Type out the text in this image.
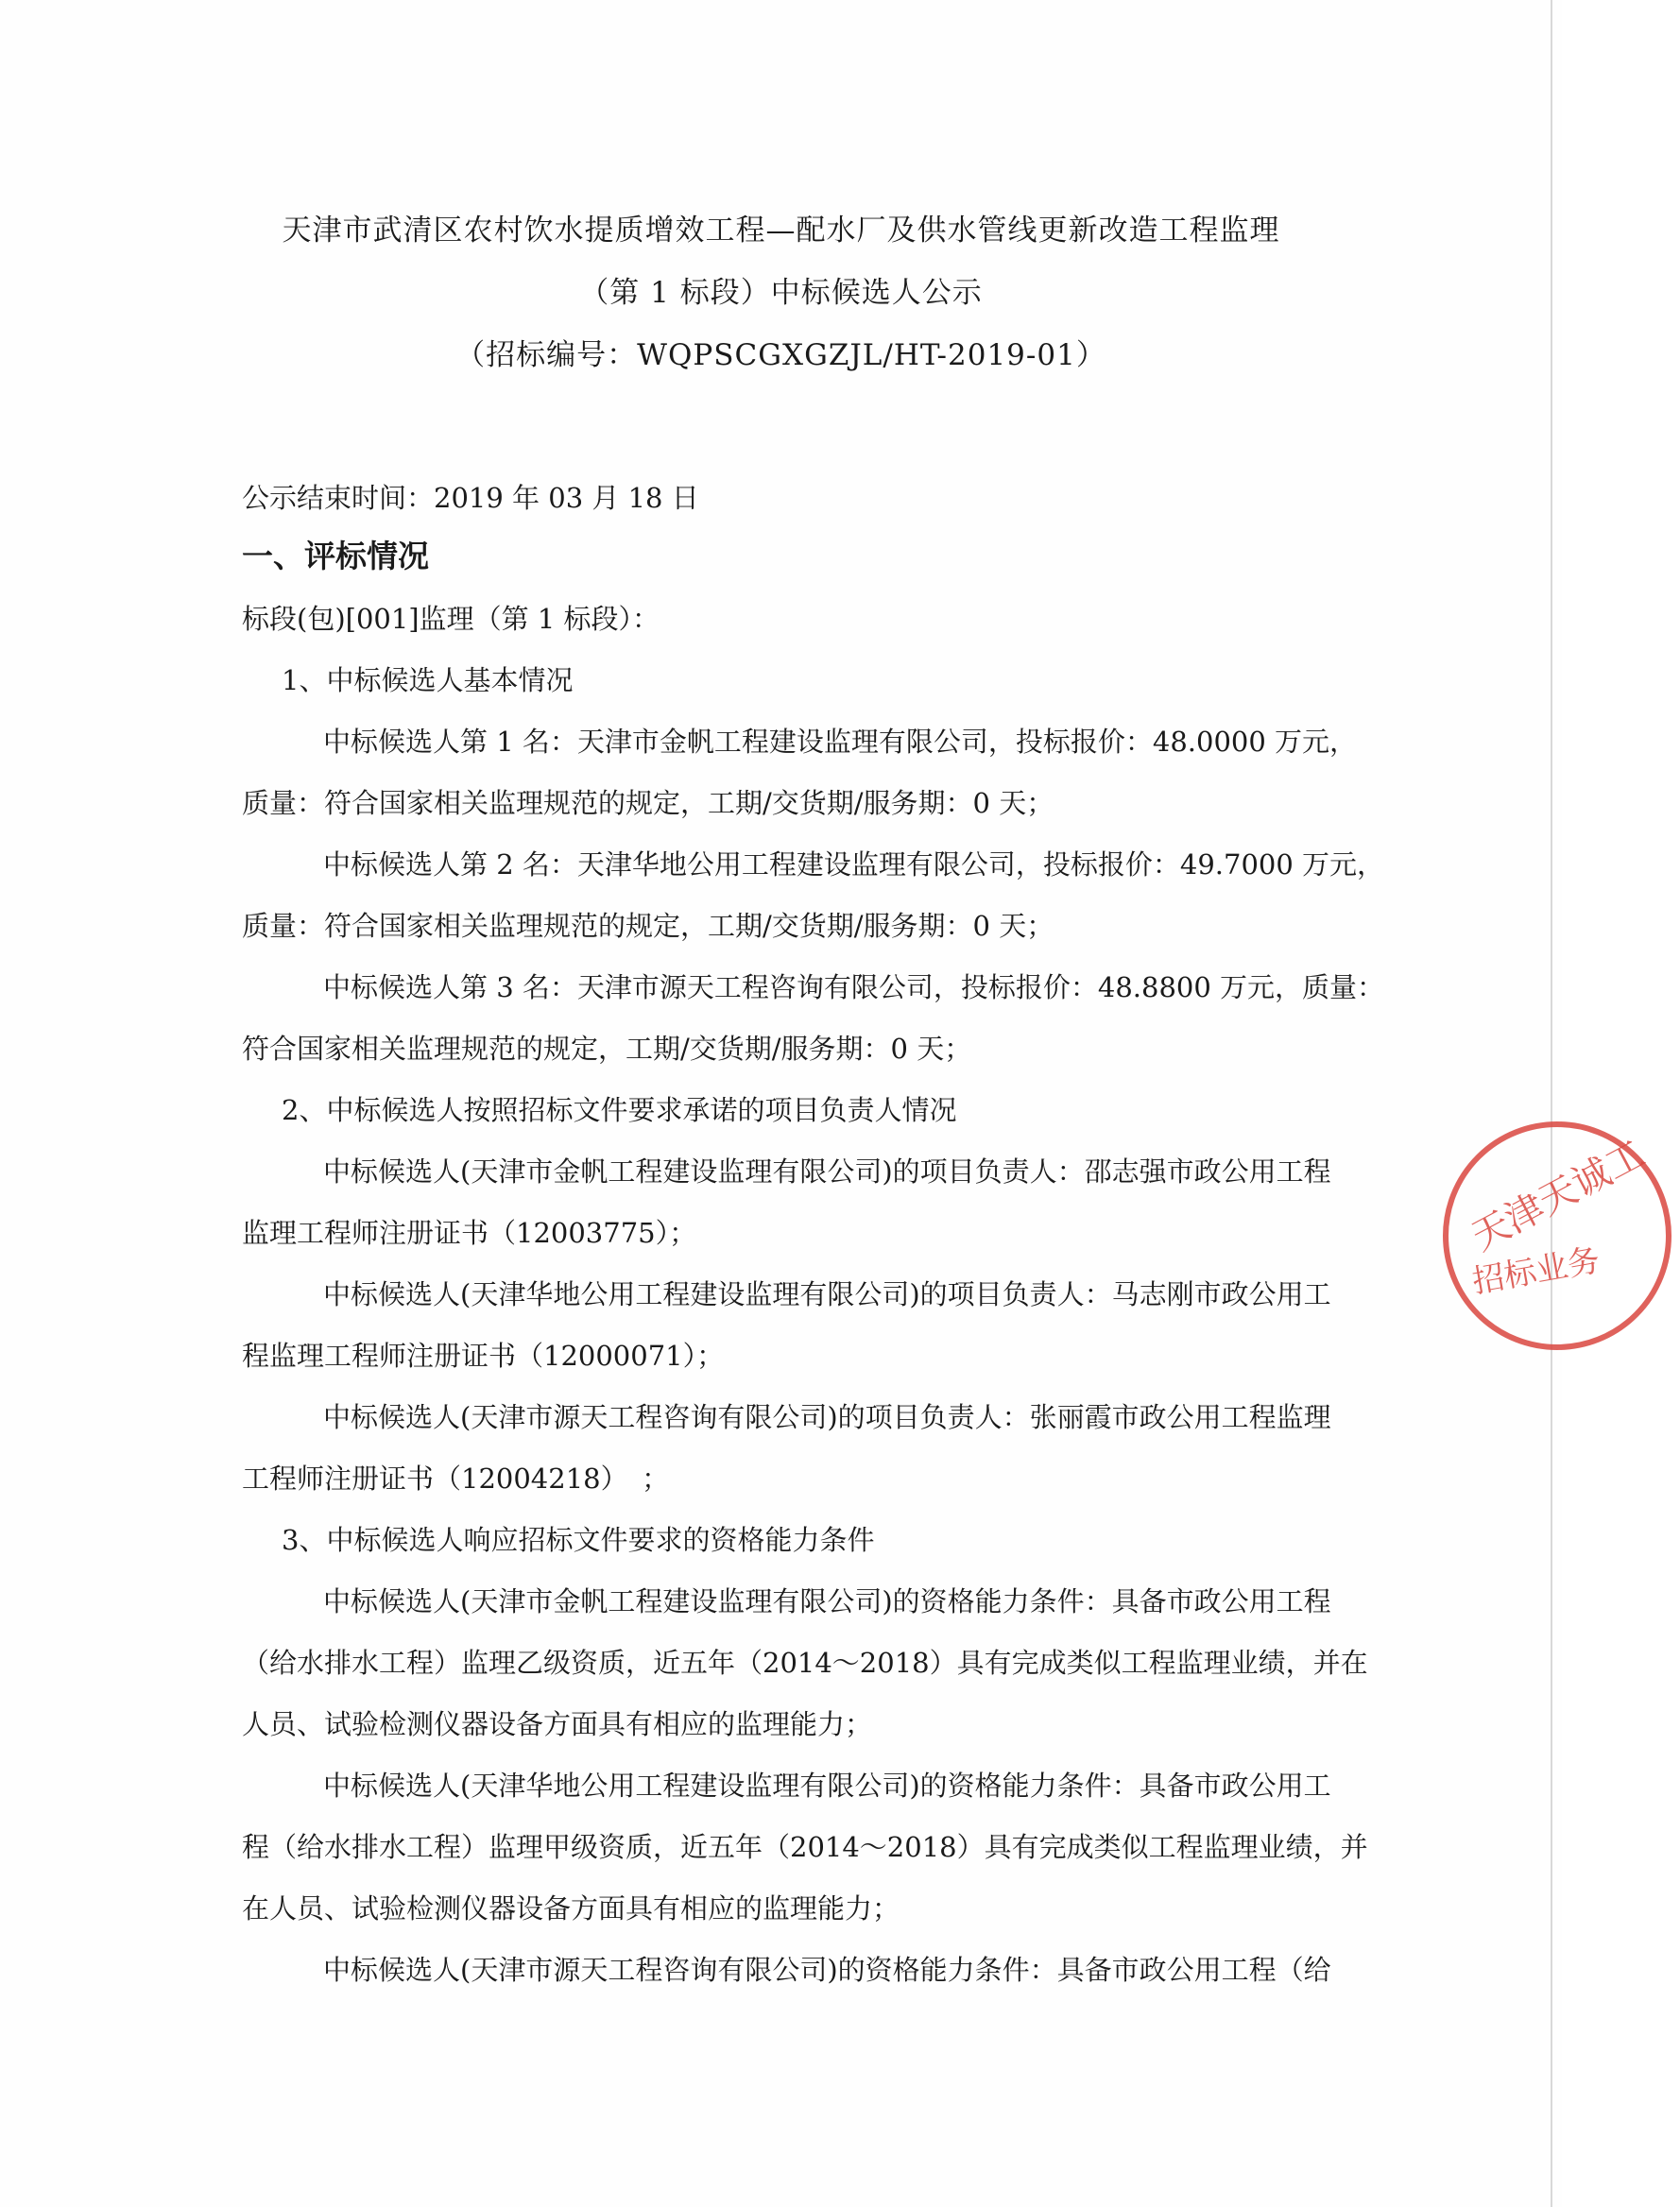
天津市武清区农村饮水提质增效工程—配水厂及供水管线更新改造工程监理
（第 1 标段）中标候选人公示
（招标编号：WQPSCGXGZJL/HT-2019-01）
公示结束时间：2019 年 03 月 18 日
一、评标情况
标段(包)[001]监理（第 1 标段）：
1、中标候选人基本情况
中标候选人第 1 名：天津市金帆工程建设监理有限公司，投标报价：48.0000 万元，
质量：符合国家相关监理规范的规定，工期/交货期/服务期：0 天；
中标候选人第 2 名：天津华地公用工程建设监理有限公司，投标报价：49.7000 万元，
质量：符合国家相关监理规范的规定，工期/交货期/服务期：0 天；
中标候选人第 3 名：天津市源天工程咨询有限公司，投标报价：48.8800 万元，质量：
符合国家相关监理规范的规定，工期/交货期/服务期：0 天；
2、中标候选人按照招标文件要求承诺的项目负责人情况
中标候选人(天津市金帆工程建设监理有限公司)的项目负责人：邵志强市政公用工程
监理工程师注册证书（12003775）；
中标候选人(天津华地公用工程建设监理有限公司)的项目负责人：马志刚市政公用工
程监理工程师注册证书（12000071）；
中标候选人(天津市源天工程咨询有限公司)的项目负责人：张丽霞市政公用工程监理
工程师注册证书（12004218）　；
3、中标候选人响应招标文件要求的资格能力条件
中标候选人(天津市金帆工程建设监理有限公司)的资格能力条件：具备市政公用工程
（给水排水工程）监理乙级资质，近五年（2014～2018）具有完成类似工程监理业绩，并在
人员、试验检测仪器设备方面具有相应的监理能力；
中标候选人(天津华地公用工程建设监理有限公司)的资格能力条件：具备市政公用工
程（给水排水工程）监理甲级资质，近五年（2014～2018）具有完成类似工程监理业绩，并
在人员、试验检测仪器设备方面具有相应的监理能力；
中标候选人(天津市源天工程咨询有限公司)的资格能力条件：具备市政公用工程（给
天津天诚工
招标业务
